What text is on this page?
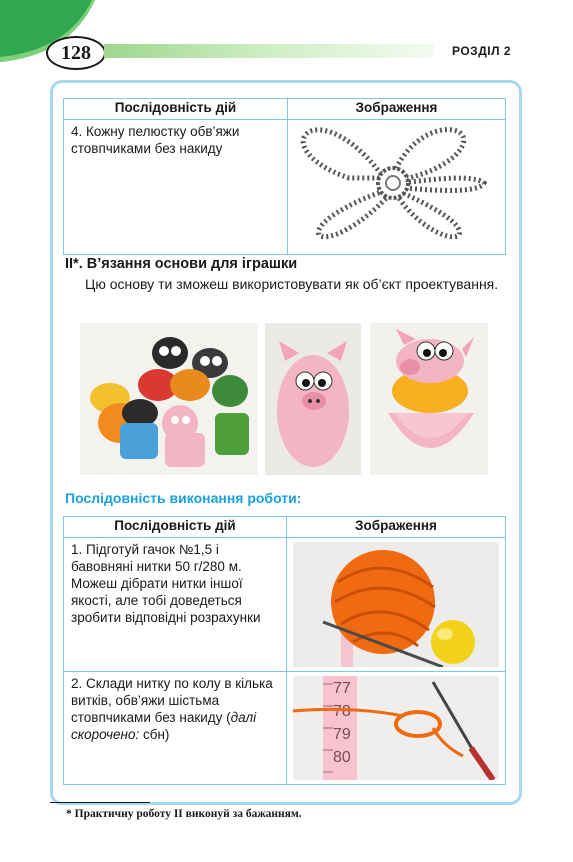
128	РОЗДІЛ 2
Послідовність дій	Зображення

4. Кожну пелюстку обв’яжи стовпчиками без накиду

ІІ*. В’язання основи для іграшки
Цю основу ти зможеш використовувати як об’єкт проектування.
Послідовність виконання роботи:
Послідовність дій	Зображення

1. Підготуй гачок №1,5 і бавовняні нитки 50 г/280 м. Можеш дібрати нитки іншої якості, але тобі доведеться зробити відповідні розрахунки

2. Склади нитку по колу в кілька витків, обв’яжи шістьма стовпчиками без накиду (далі скорочено: сбн)	77
78
79
80
* Практичну роботу ІІ виконуй за бажанням.
